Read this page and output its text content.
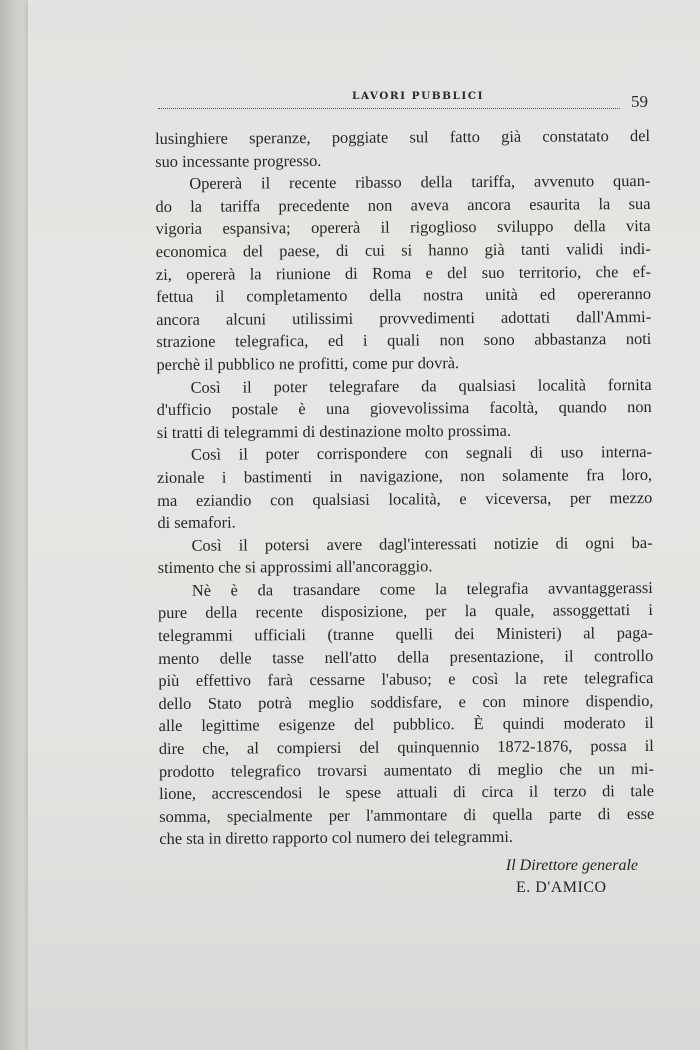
LAVORI PUBBLICI	59
lusinghiere speranze, poggiate sul fatto già constatato del
suo incessante progresso.
Opererà il recente ribasso della tariffa, avvenuto quan-
do la tariffa precedente non aveva ancora esaurita la sua
vigoria espansiva; opererà il rigoglioso sviluppo della vita
economica del paese, di cui si hanno già tanti validi indi-
zi, opererà la riunione di Roma e del suo territorio, che ef-
fettua il completamento della nostra unità ed opereranno
ancora alcuni utilissimi provvedimenti adottati dall'Ammi-
strazione telegrafica, ed i quali non sono abbastanza noti
perchè il pubblico ne profitti, come pur dovrà.
Così il poter telegrafare da qualsiasi località fornita
d'ufficio postale è una giovevolissima facoltà, quando non
si tratti di telegrammi di destinazione molto prossima.
Così il poter corrispondere con segnali di uso interna-
zionale i bastimenti in navigazione, non solamente fra loro,
ma eziandio con qualsiasi località, e viceversa, per mezzo
di semafori.
Così il potersi avere dagl'interessati notizie di ogni ba-
stimento che si approssimi all'ancoraggio.
Nè è da trasandare come la telegrafia avvantaggerassi
pure della recente disposizione, per la quale, assoggettati i
telegrammi ufficiali (tranne quelli dei Ministeri) al paga-
mento delle tasse nell'atto della presentazione, il controllo
più effettivo farà cessarne l'abuso; e così la rete telegrafica
dello Stato potrà meglio soddisfare, e con minore dispendio,
alle legittime esigenze del pubblico. È quindi moderato il
dire che, al compiersi del quinquennio 1872-1876, possa il
prodotto telegrafico trovarsi aumentato di meglio che un mi-
lione, accrescendosi le spese attuali di circa il terzo di tale
somma, specialmente per l'ammontare di quella parte di esse
che sta in diretto rapporto col numero dei telegrammi.
Il Direttore generale
E. D'AMICO
